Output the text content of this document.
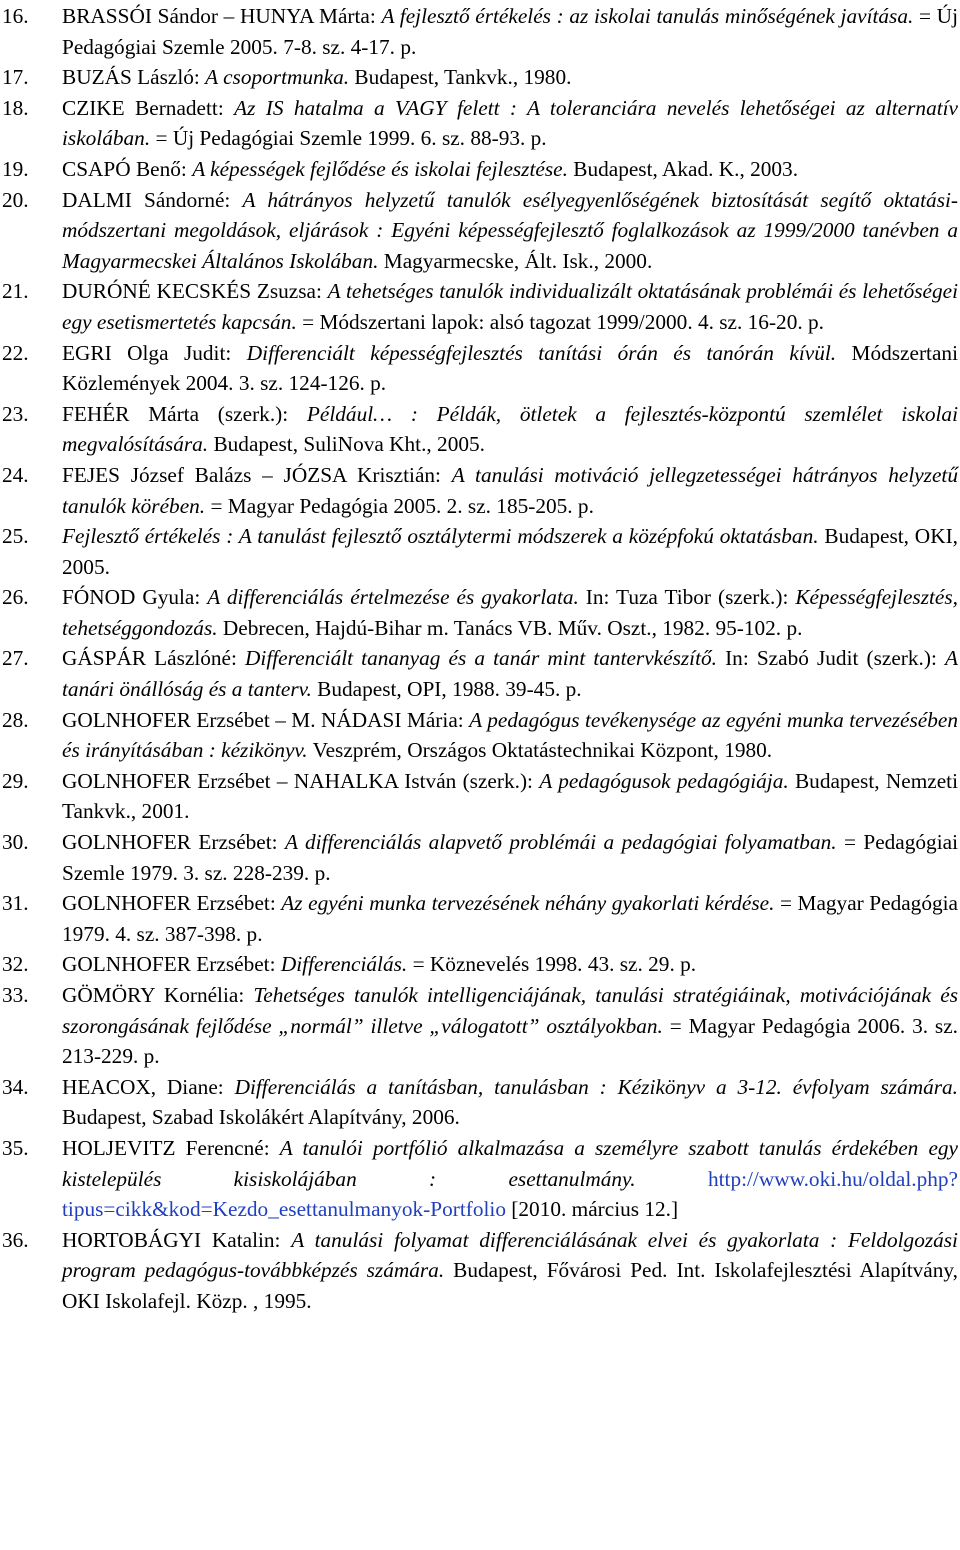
16.	BRASSÓI Sándor – HUNYA Márta: A fejlesztő értékelés : az iskolai tanulás minőségének javítása. = Új Pedagógiai Szemle 2005. 7-8. sz. 4-17. p.
17.	BUZÁS László: A csoportmunka. Budapest, Tankvk., 1980.
18.	CZIKE Bernadett: Az IS hatalma a VAGY felett : A toleranciára nevelés lehetőségei az alternatív iskolában. = Új Pedagógiai Szemle 1999. 6. sz. 88-93. p.
19.	CSAPÓ Benő: A képességek fejlődése és iskolai fejlesztése. Budapest, Akad. K., 2003.
20.	DALMI Sándorné: A hátrányos helyzetű tanulók esélyegyenlőségének biztosítását segítő oktatási-módszertani megoldások, eljárások : Egyéni képességfejlesztő foglalkozások az 1999/2000 tanévben a Magyarmecskei Általános Iskolában. Magyarmecske, Ált. Isk., 2000.
21.	DURÓNÉ KECSKÉS Zsuzsa: A tehetséges tanulók individualizált oktatásának problémái és lehetőségei egy esetismertetés kapcsán. = Módszertani lapok: alsó tagozat 1999/2000. 4. sz. 16-20. p.
22.	EGRI Olga Judit: Differenciált képességfejlesztés tanítási órán és tanórán kívül. Módszertani Közlemények 2004. 3. sz. 124-126. p.
23.	FEHÉR Márta (szerk.): Például… : Példák, ötletek a fejlesztés-központú szemlélet iskolai megvalósítására. Budapest, SuliNova Kht., 2005.
24.	FEJES József Balázs – JÓZSA Krisztián: A tanulási motiváció jellegzetességei hátrányos helyzetű tanulók körében. = Magyar Pedagógia 2005. 2. sz. 185-205. p.
25.	Fejlesztő értékelés : A tanulást fejlesztő osztálytermi módszerek a középfokú oktatásban. Budapest, OKI, 2005.
26.	FÓNOD Gyula: A differenciálás értelmezése és gyakorlata. In: Tuza Tibor (szerk.): Képességfejlesztés, tehetséggondozás. Debrecen, Hajdú-Bihar m. Tanács VB. Műv. Oszt., 1982. 95-102. p.
27.	GÁSPÁR Lászlóné: Differenciált tananyag és a tanár mint tantervkészítő. In: Szabó Judit (szerk.): A tanári önállóság és a tanterv. Budapest, OPI, 1988. 39-45. p.
28.	GOLNHOFER Erzsébet – M. NÁDASI Mária: A pedagógus tevékenysége az egyéni munka tervezésében és irányításában : kézikönyv. Veszprém, Országos Oktatástechnikai Központ, 1980.
29.	GOLNHOFER Erzsébet – NAHALKA István (szerk.): A pedagógusok pedagógiája. Budapest, Nemzeti Tankvk., 2001.
30.	GOLNHOFER Erzsébet: A differenciálás alapvető problémái a pedagógiai folyamatban. = Pedagógiai Szemle 1979. 3. sz. 228-239. p.
31.	GOLNHOFER Erzsébet: Az egyéni munka tervezésének néhány gyakorlati kérdése. = Magyar Pedagógia 1979. 4. sz. 387-398. p.
32.	GOLNHOFER Erzsébet: Differenciálás. = Köznevelés 1998. 43. sz. 29. p.
33.	GÖMÖRY Kornélia: Tehetséges tanulók intelligenciájának, tanulási stratégiáinak, motivációjának és szorongásának fejlődése „normál” illetve „válogatott” osztályokban. = Magyar Pedagógia 2006. 3. sz. 213-229. p.
34.	HEACOX, Diane: Differenciálás a tanításban, tanulásban : Kézikönyv a 3-12. évfolyam számára. Budapest, Szabad Iskolákért Alapítvány, 2006.
35.	HOLJEVITZ Ferencné: A tanulói portfólió alkalmazása a személyre szabott tanulás érdekében egy kistelepülés kisiskolájában : esettanulmány.	http://www.oki.hu/oldal.php?tipus=cikk&kod=Kezdo_esettanulmanyok-Portfolio [2010. március 12.]
36.	HORTOBÁGYI Katalin: A tanulási folyamat differenciálásának elvei és gyakorlata : Feldolgozási program pedagógus-továbbképzés számára. Budapest, Fővárosi Ped. Int. Iskolafejlesztési Alapítvány, OKI Iskolafejl. Közp. , 1995.
